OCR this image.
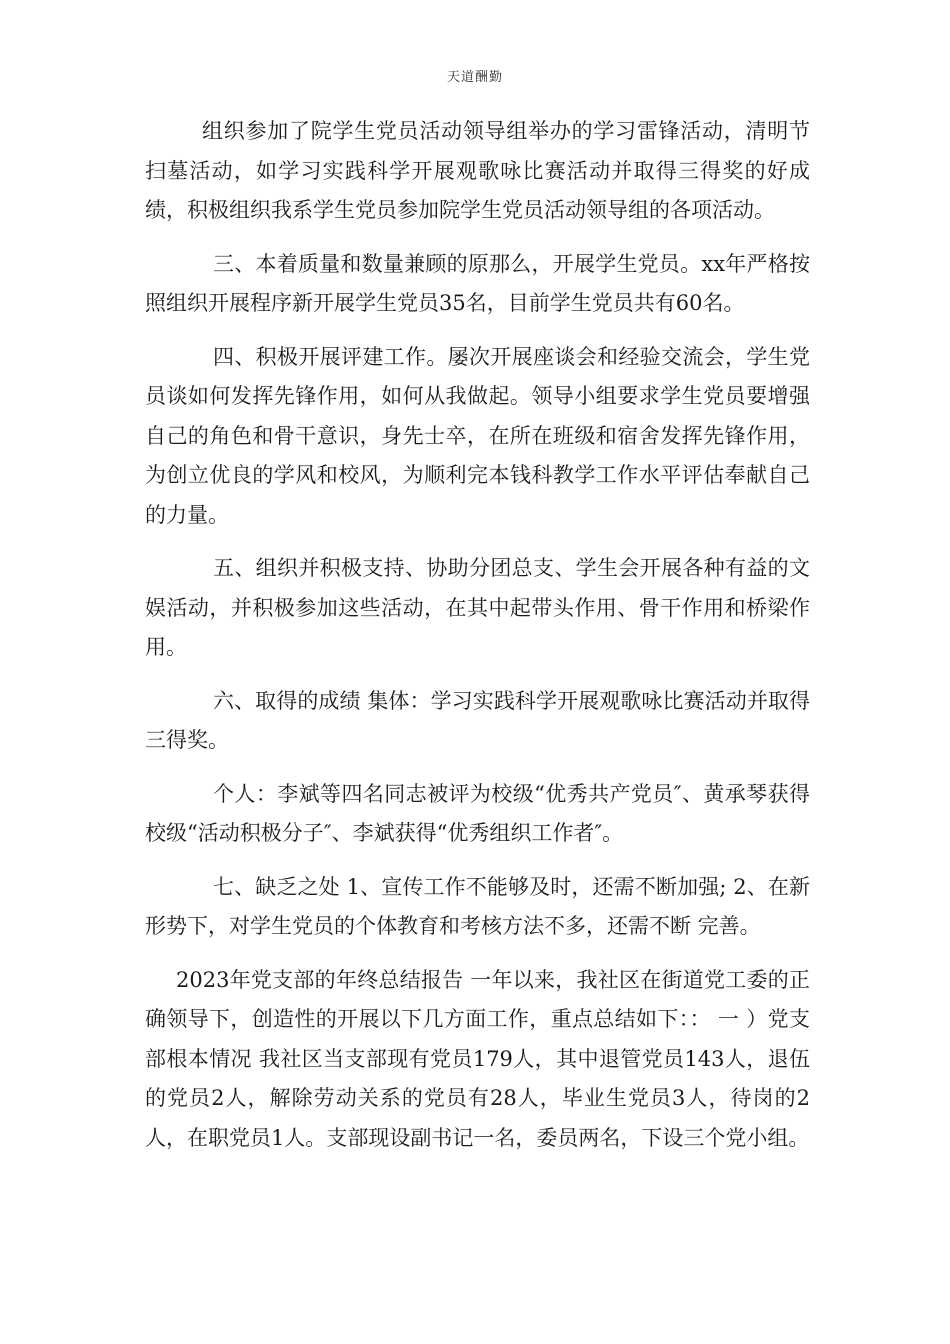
天道酬勤

组织参加了院学生党员活动领导组举办的学习雷锋活动，清明节扫墓活动，如学习实践科学开展观歌咏比赛活动并取得三得奖的好成绩，积极组织我系学生党员参加院学生党员活动领导组的各项活动。

三、本着质量和数量兼顾的原那么，开展学生党员。xx年严格按照组织开展程序新开展学生党员35名，目前学生党员共有60名。

四、积极开展评建工作。屡次开展座谈会和经验交流会，学生党员谈如何发挥先锋作用，如何从我做起。领导小组要求学生党员要增强自己的角色和骨干意识，身先士卒，在所在班级和宿舍发挥先锋作用，为创立优良的学风和校风，为顺利完本钱科教学工作水平评估奉献自己的力量。

五、组织并积极支持、协助分团总支、学生会开展各种有益的文娱活动，并积极参加这些活动，在其中起带头作用、骨干作用和桥梁作用。

六、取得的成绩 集体：学习实践科学开展观歌咏比赛活动并取得三得奖。

个人：李斌等四名同志被评为校级“优秀共产党员″、黄承琴获得校级“活动积极分子″、李斌获得“优秀组织工作者″。

七、缺乏之处 1、宣传工作不能够及时，还需不断加强; 2、在新形势下，对学生党员的个体教育和考核方法不多，还需不断 完善。

2023年党支部的年终总结报告 一年以来，我社区在街道党工委的正确领导下，创造性的开展以下几方面工作，重点总结如下：： 一 ）党支部根本情况 我社区当支部现有党员179人，其中退管党员143人，退伍的党员2人，解除劳动关系的党员有28人，毕业生党员3人，待岗的2人，在职党员1人。支部现设副书记一名，委员两名，下设三个党小组。
